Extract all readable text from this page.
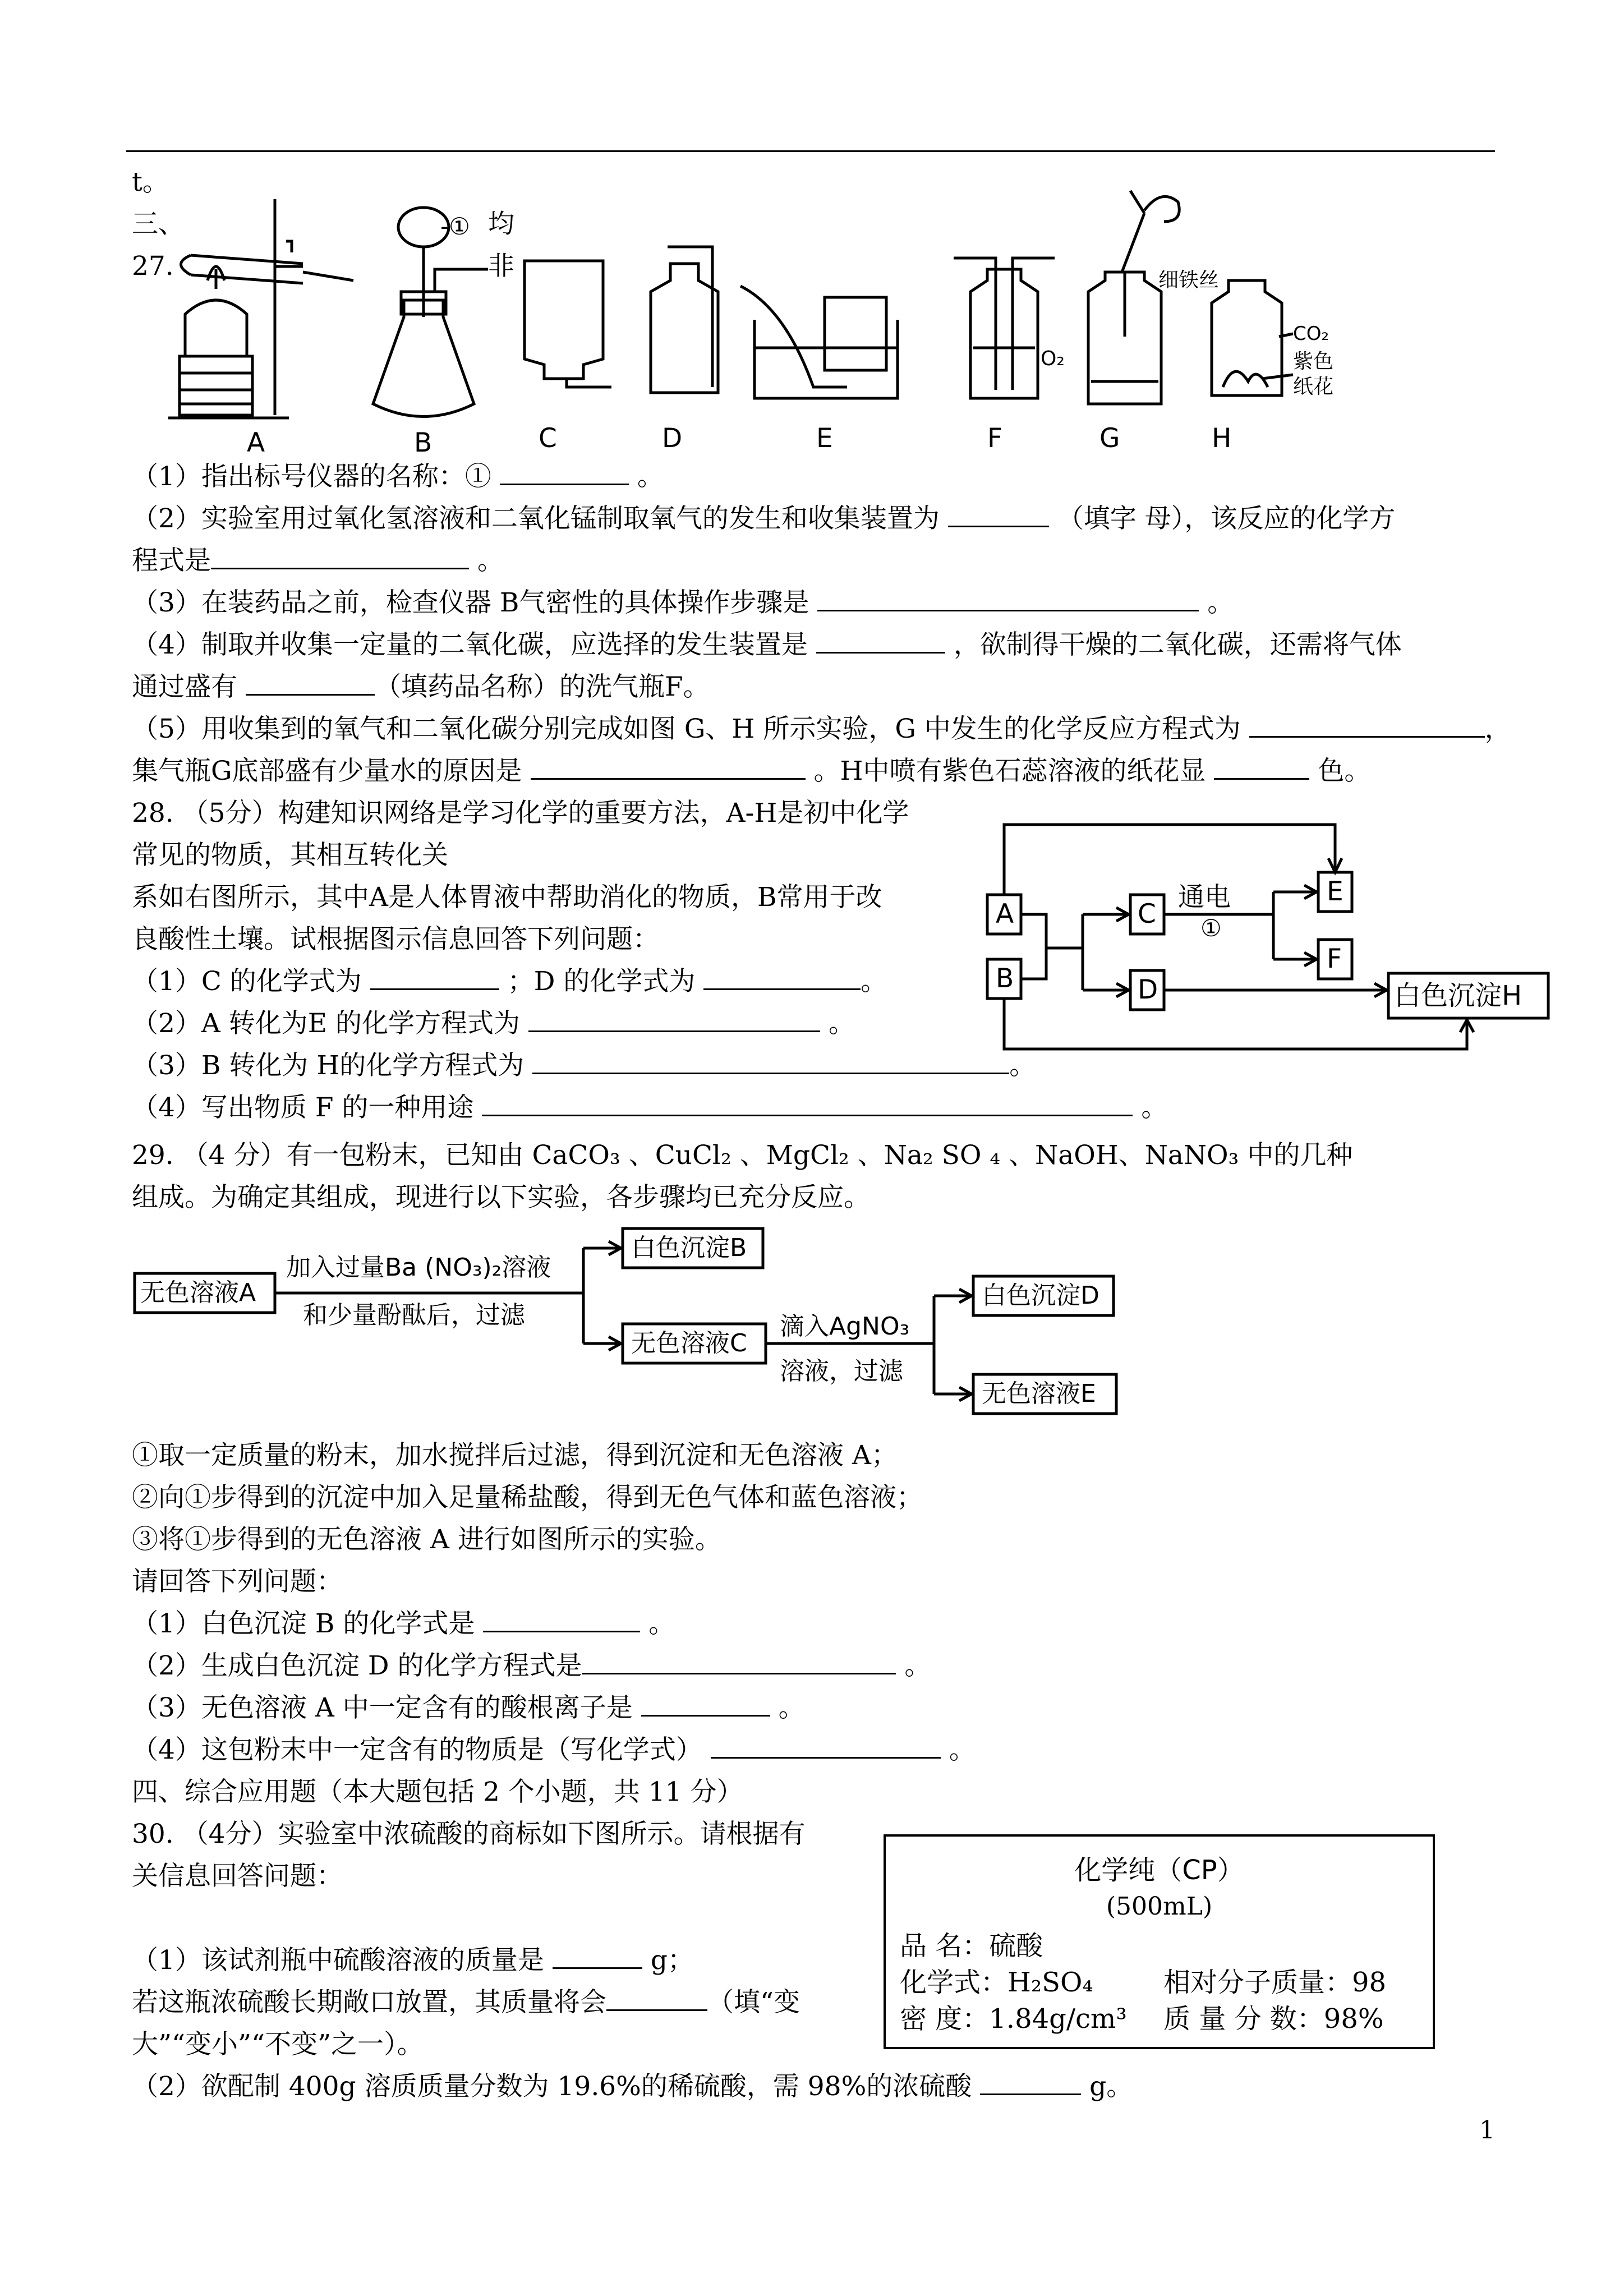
t。
三、	均
27.	非
-①
A	B	C	D	E	F	G	H
细铁丝
O₂
CO₂
紫色
纸花
（1）指出标号仪器的名称：①	。
（2）实验室用过氧化氢溶液和二氧化锰制取氧气的发生和收集装置为	（填字 母），该反应的化学方
程式是	。
（3）在装药品之前，检查仪器 B气密性的具体操作步骤是	。
（4）制取并收集一定量的二氧化碳，应选择的发生装置是	，欲制得干燥的二氧化碳，还需将气体
通过盛有	（填药品名称）的洗气瓶F。
（5）用收集到的氧气和二氧化碳分别完成如图 G、H 所示实验，G 中发生的化学反应方程式为	，
集气瓶G底部盛有少量水的原因是	。H中喷有紫色石蕊溶液的纸花显	色。
28. （5分）构建知识网络是学习化学的重要方法，A-H是初中化学
常见的物质，其相互转化关
系如右图所示，其中A是人体胃液中帮助消化的物质，B常用于改
良酸性土壤。试根据图示信息回答下列问题：
（1）C 的化学式为	；D 的化学式为	。
（2）A 转化为E 的化学方程式为	。
（3）B 转化为 H的化学方程式为	。
（4）写出物质 F 的一种用途	。
A
B
C
D
E
F
白色沉淀H
通电
①
29. （4 分）有一包粉末，已知由 CaCO₃ 、CuCl₂ 、MgCl₂ 、Na₂ SO ₄ 、NaOH、NaNO₃ 中的几种
组成。为确定其组成，现进行以下实验，各步骤均已充分反应。
无色溶液A
加入过量Ba (NO₃)₂溶液
和少量酚酞后，过滤
白色沉淀B
无色溶液C
滴入AgNO₃
溶液，过滤
白色沉淀D
无色溶液E
①取一定质量的粉末，加水搅拌后过滤，得到沉淀和无色溶液 A；
②向①步得到的沉淀中加入足量稀盐酸，得到无色气体和蓝色溶液；
③将①步得到的无色溶液 A 进行如图所示的实验。
请回答下列问题：
（1）白色沉淀 B 的化学式是	。
（2）生成白色沉淀 D 的化学方程式是	。
（3）无色溶液 A 中一定含有的酸根离子是	。
（4）这包粉末中一定含有的物质是（写化学式）	。
四、综合应用题（本大题包括 2 个小题，共 11 分）
30. （4分）实验室中浓硫酸的商标如下图所示。请根据有
关信息回答问题：
（1）该试剂瓶中硫酸溶液的质量是	g；
若这瓶浓硫酸长期敞口放置，其质量将会	（填“变
大”“变小”“不变”之一）。
（2）欲配制 400g 溶质质量分数为 19.6%的稀硫酸，需 98%的浓硫酸	g。
化学纯（CP）
(500mL)
品 名：硫酸
化学式：H₂SO₄	相对分子质量：98
密 度：1.84g/cm³ 质 量 分 数：98%
1
